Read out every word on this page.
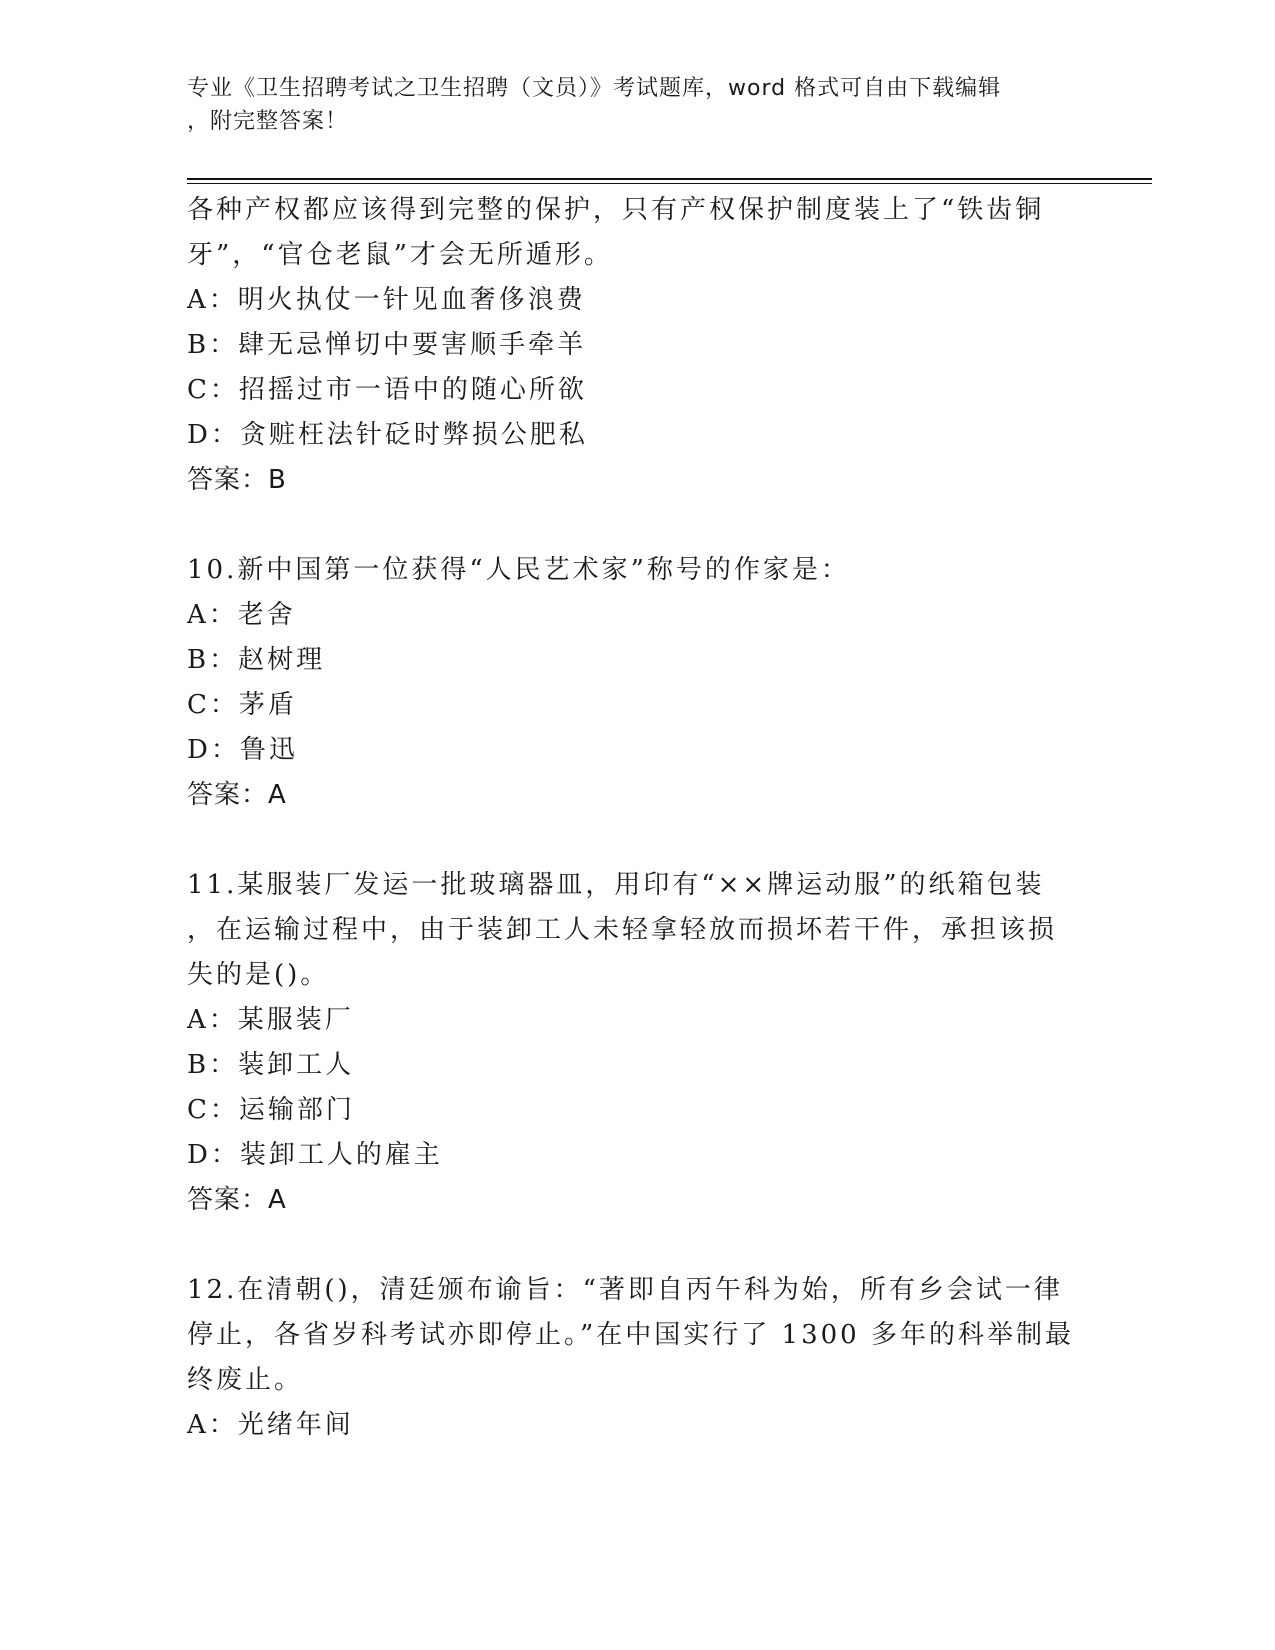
专业《卫生招聘考试之卫生招聘（文员）》考试题库，word 格式可自由下载编辑
，附完整答案！

各种产权都应该得到完整的保护，只有产权保护制度装上了“铁齿铜

牙”，“官仓老鼠”才会无所遁形。

A：明火执仗一针见血奢侈浪费

B：肆无忌惮切中要害顺手牵羊

C：招摇过市一语中的随心所欲

D：贪赃枉法针砭时弊损公肥私

答案：B

10.新中国第一位获得“人民艺术家”称号的作家是：

A：老舍

B：赵树理

C：茅盾

D：鲁迅

答案：A

11.某服装厂发运一批玻璃器皿，用印有“××牌运动服”的纸箱包装

，在运输过程中，由于装卸工人未轻拿轻放而损坏若干件，承担该损

失的是()。

A：某服装厂

B：装卸工人

C：运输部门

D：装卸工人的雇主

答案：A

12.在清朝()，清廷颁布谕旨：“著即自丙午科为始，所有乡会试一律

停止，各省岁科考试亦即停止。”在中国实行了 1300 多年的科举制最

终废止。

A：光绪年间
